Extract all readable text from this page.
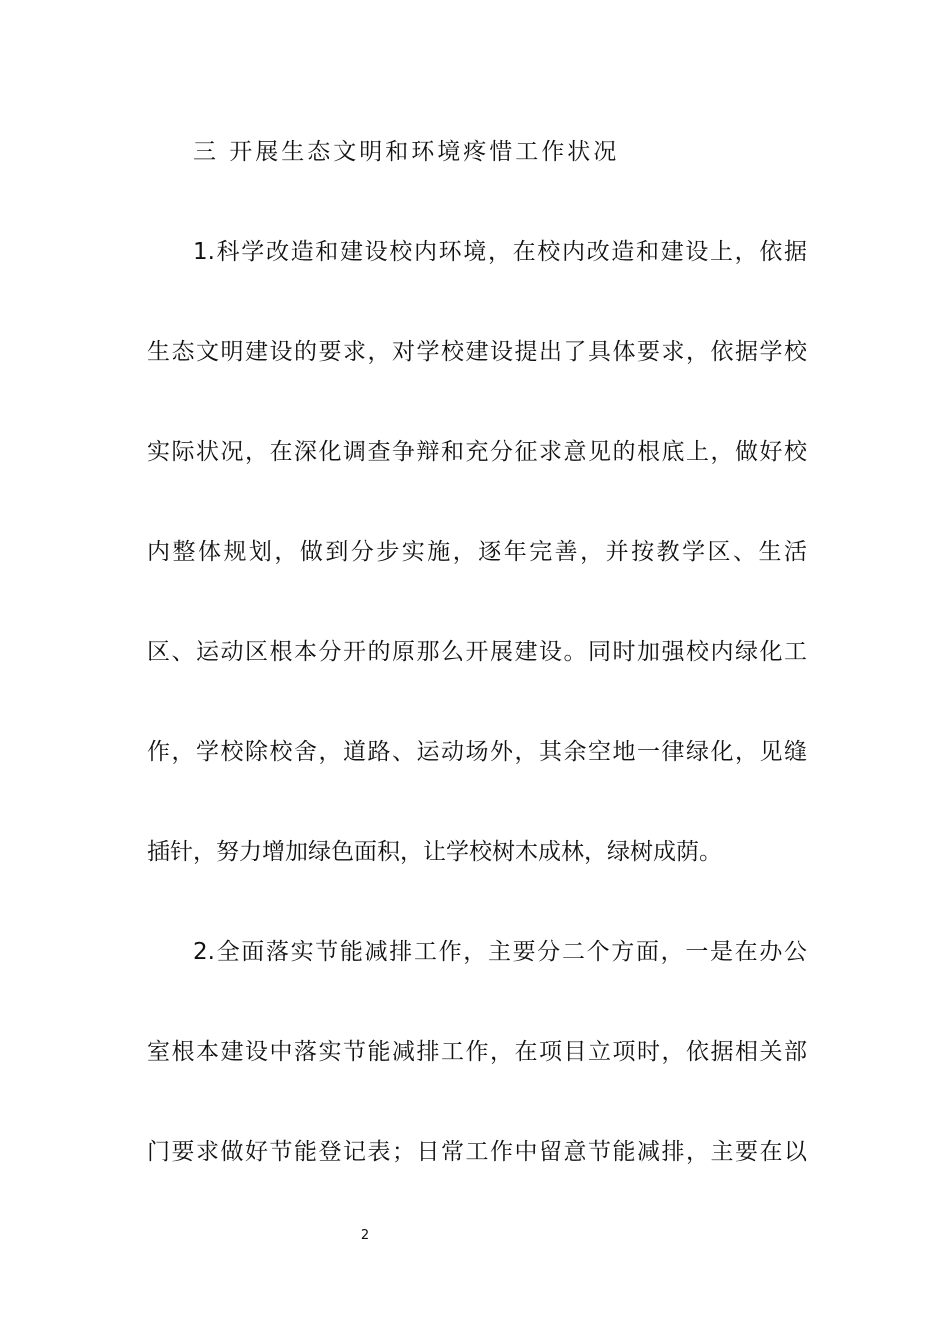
三 开展生态文明和环境疼惜工作状况
1.科学改造和建设校内环境，在校内改造和建设上，依据
生态文明建设的要求，对学校建设提出了具体要求，依据学校
实际状况，在深化调查争辩和充分征求意见的根底上，做好校
内整体规划，做到分步实施，逐年完善，并按教学区、生活
区、运动区根本分开的原那么开展建设。同时加强校内绿化工
作，学校除校舍，道路、运动场外，其余空地一律绿化，见缝
插针，努力增加绿色面积，让学校树木成林，绿树成荫。
2.全面落实节能减排工作，主要分二个方面，一是在办公
室根本建设中落实节能减排工作，在项目立项时，依据相关部
门要求做好节能登记表；日常工作中留意节能减排，主要在以
2
